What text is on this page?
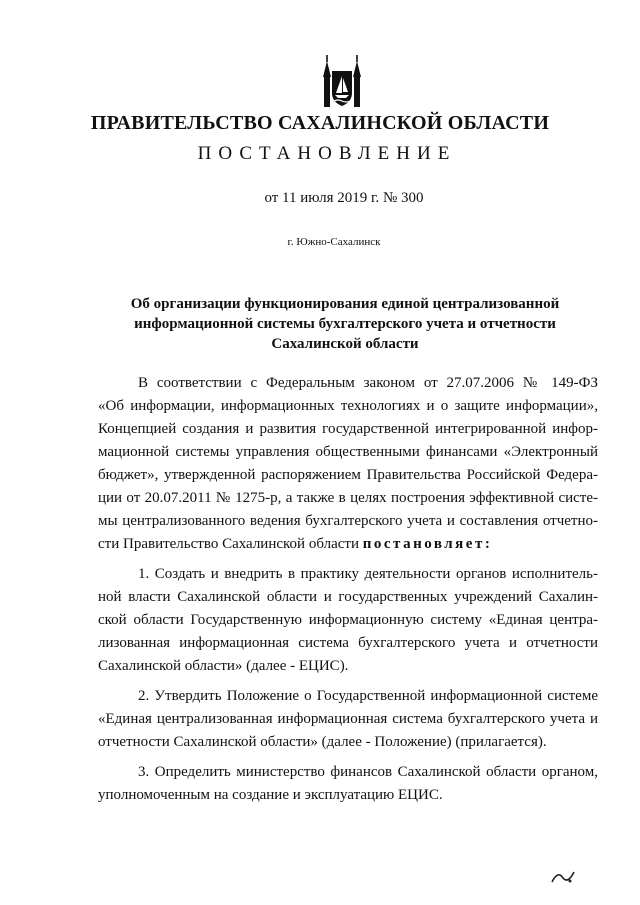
ПРАВИТЕЛЬСТВО САХАЛИНСКОЙ ОБЛАСТИ
ПОСТАНОВЛЕНИЕ
от 11 июля 2019 г. № 300
г. Южно-Сахалинск
Об организации функционирования единой централизованной
информационной системы бухгалтерского учета и отчетности
Сахалинской области

В соответствии с Федеральным законом от 27.07.2006 № 149-ФЗ
«Об информации, информационных технологиях и о защите информации»,
Концепцией создания и развития государственной интегрированной инфор-
мационной системы управления общественными финансами «Электронный
бюджет», утвержденной распоряжением Правительства Российской Федера-
ции от 20.07.2011 № 1275-р, а также в целях построения эффективной систе-
мы централизованного ведения бухгалтерского учета и составления отчетно-
сти Правительство Сахалинской области постановляет:

1. Создать и внедрить в практику деятельности органов исполнитель-
ной власти Сахалинской области и государственных учреждений Сахалин-
ской области Государственную информационную систему «Единая центра-
лизованная информационная система бухгалтерского учета и отчетности
Сахалинской области» (далее - ЕЦИС).

2. Утвердить Положение о Государственной информационной системе
«Единая централизованная информационная система бухгалтерского учета и
отчетности Сахалинской области» (далее - Положение) (прилагается).

3. Определить министерство финансов Сахалинской области органом,
уполномоченным на создание и эксплуатацию ЕЦИС.
